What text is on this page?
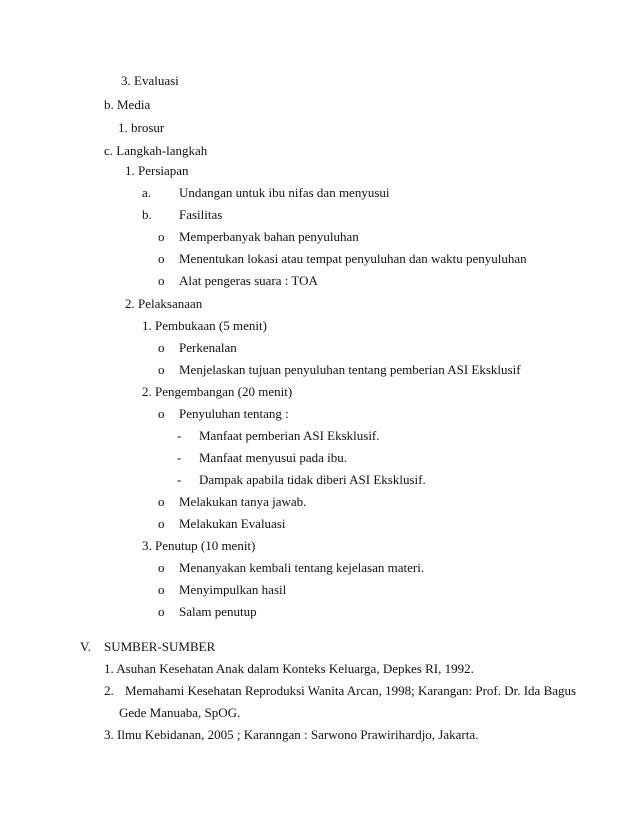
3. Evaluasi
b. Media
1. brosur
c. Langkah-langkah
1. Persiapan
a. Undangan untuk ibu nifas dan menyusui
b. Fasilitas
o Memperbanyak bahan penyuluhan
o Menentukan lokasi atau tempat penyuluhan dan waktu penyuluhan
o Alat pengeras suara : TOA
2. Pelaksanaan
1. Pembukaan (5 menit)
o Perkenalan
o Menjelaskan tujuan penyuluhan tentang pemberian ASI Eksklusif
2. Pengembangan (20 menit)
o Penyuluhan tentang :
- Manfaat pemberian ASI Eksklusif.
- Manfaat menyusui pada ibu.
- Dampak apabila tidak diberi ASI Eksklusif.
o Melakukan tanya jawab.
o Melakukan Evaluasi
3. Penutup (10 menit)
o Menanyakan kembali tentang kejelasan materi.
o Menyimpulkan hasil
o Salam penutup
V. SUMBER-SUMBER
1. Asuhan Kesehatan Anak dalam Konteks Keluarga, Depkes RI, 1992.
2. Memahami Kesehatan Reproduksi Wanita Arcan, 1998; Karangan: Prof. Dr. Ida Bagus
Gede Manuaba, SpOG.
3. Ilmu Kebidanan, 2005 ; Karanngan : Sarwono Prawirihardjo, Jakarta.
